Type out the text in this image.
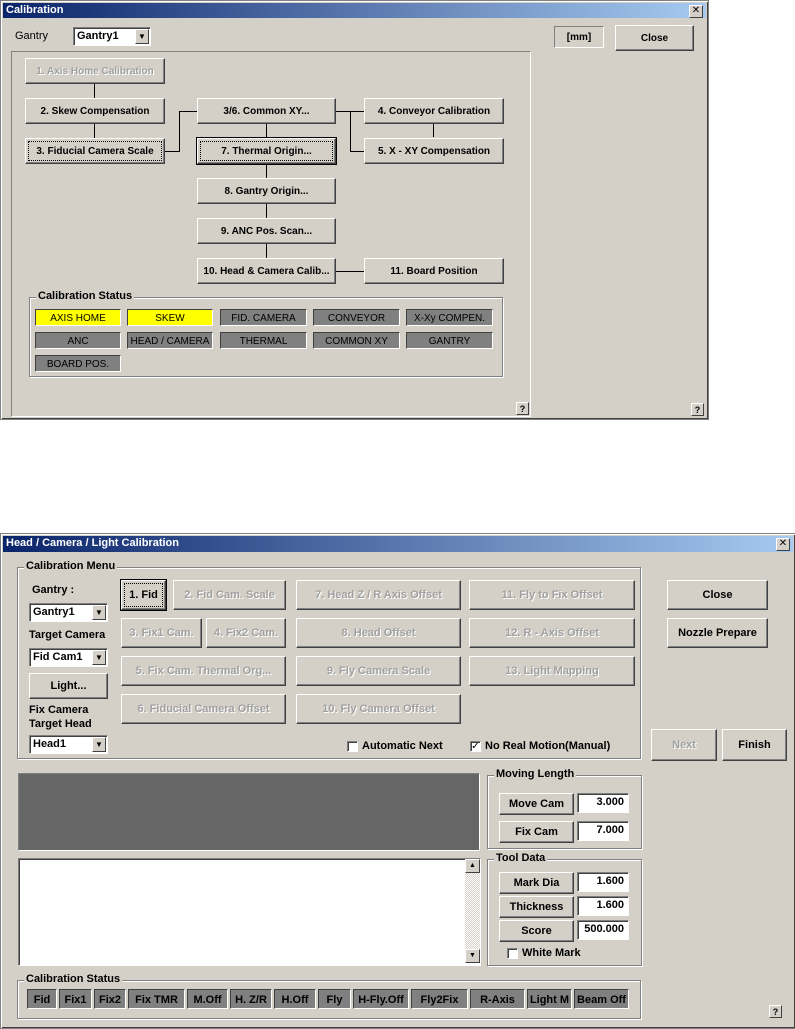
Calibration	✕
Gantry	Gantry1	▼	[mm]	Close
1. Axis Home Calibration
2. Skew Compensation
3. Fiducial Camera Scale
3/6. Common XY...	4. Conveyor Calibration
7. Thermal Origin...	5. X - XY Compensation
8. Gantry Origin...
9. ANC Pos. Scan...
10. Head & Camera Calib...	11. Board Position
Calibration Status
AXIS HOME	SKEW	FID. CAMERA	CONVEYOR	X-Xy COMPEN.
ANC	HEAD / CAMERA	THERMAL	COMMON XY	GANTRY
BOARD POS.
?	?
Head / Camera / Light Calibration	✕
Calibration Menu
Gantry :
Gantry1	▼
Target Camera
Fid Cam1	▼
Light...
Fix Camera
Target Head
Head1	▼
1. Fid	2. Fid Cam. Scale
3. Fix1 Cam.	4. Fix2 Cam.
5. Fix Cam. Thermal Org...
6. Fiducial Camera Offset
7. Head Z / R Axis Offset
8. Head Offset
9. Fly Camera Scale
10. Fly Camera Offset
11. Fly to Fix Offset
12. R - Axis Offset
13. Light Mapping
Automatic Next	✓ No Real Motion(Manual)
Close
Nozzle Prepare
Next	Finish
▲
▼
Moving Length
Move Cam	3.000
Fix Cam	7.000
Tool Data
Mark Dia	1.600
Thickness	1.600
Score	500.000
White Mark
Calibration Status
Fid	Fix1	Fix2	Fix TMR	M.Off	H. Z/R	H.Off	Fly	H-Fly.Off	Fly2Fix	R-Axis	Light M Beam Off
?
